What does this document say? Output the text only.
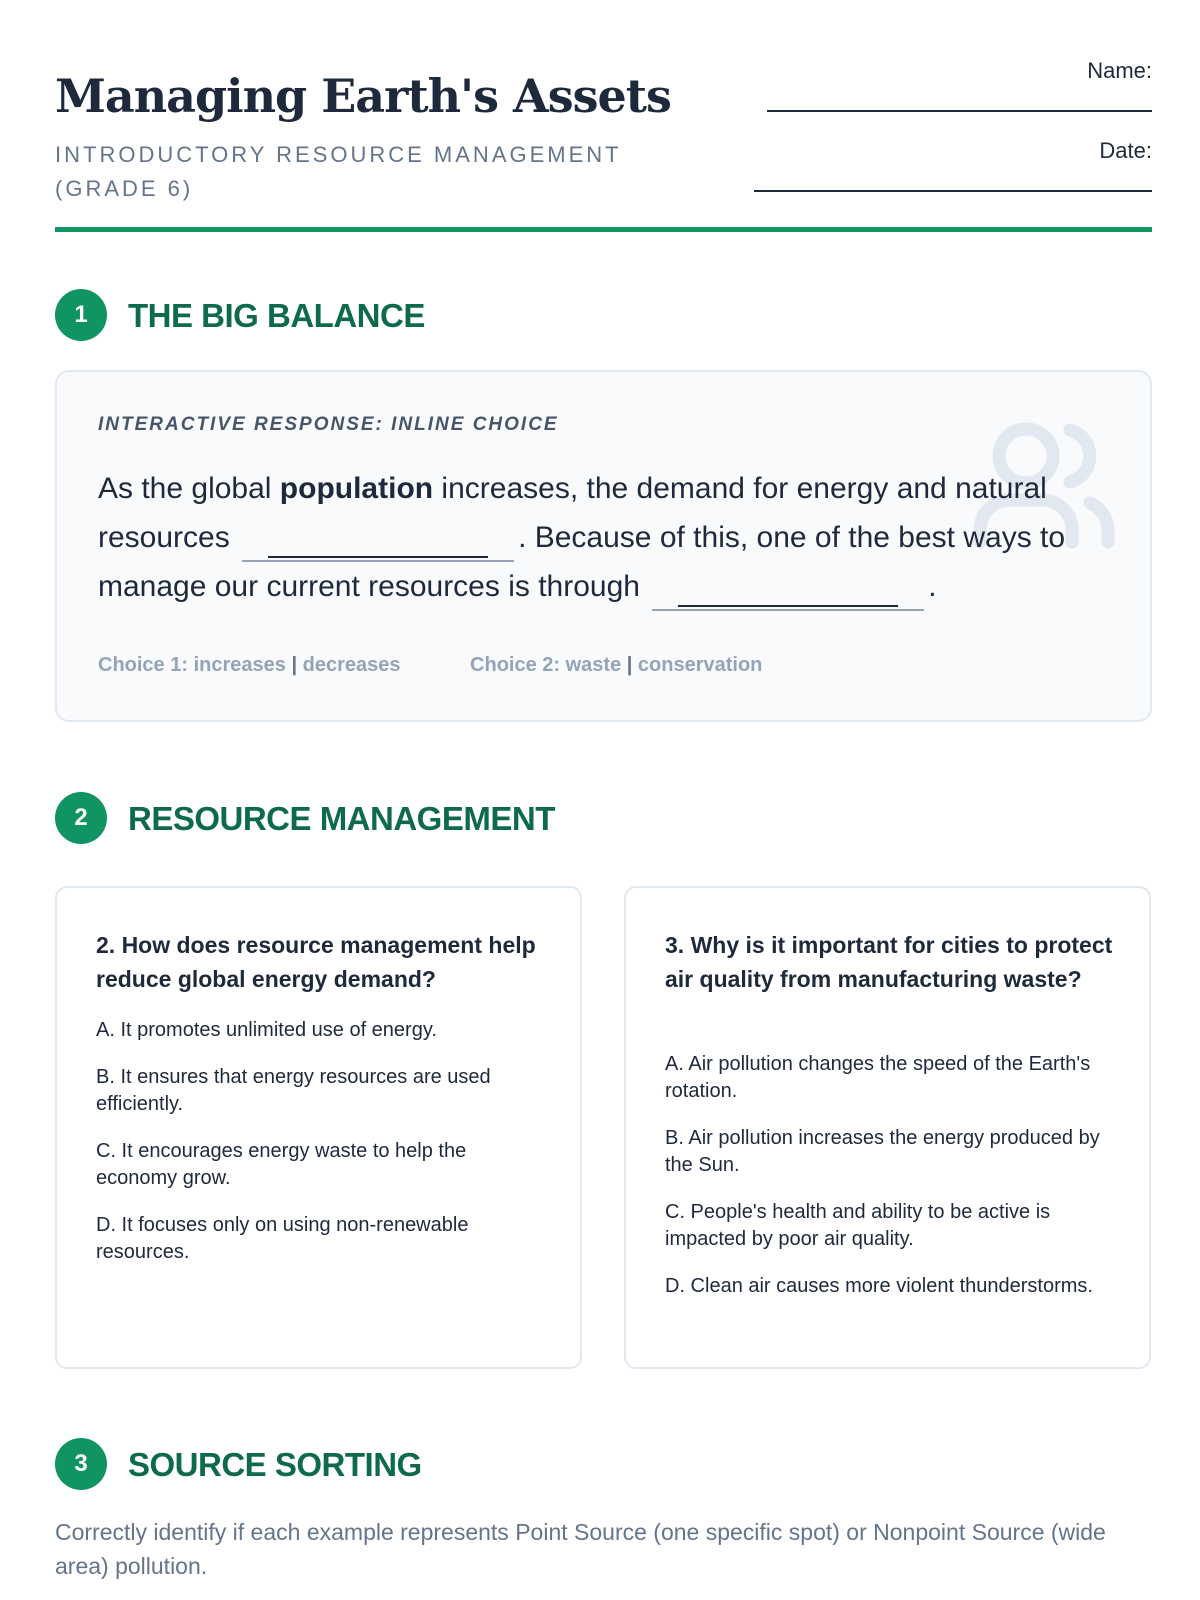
Managing Earth's Assets
INTRODUCTORY RESOURCE MANAGEMENT (GRADE 6)
Name:
Date:
1	THE BIG BALANCE
INTERACTIVE RESPONSE: INLINE CHOICE
As the global population increases, the demand for energy and natural resources	. Because of this, one of the best ways to manage our current resources is through	.
Choice 1: increases | decreases	Choice 2: waste | conservation
2	RESOURCE MANAGEMENT
2. How does resource management help reduce global energy demand?
A. It promotes unlimited use of energy.
B. It ensures that energy resources are used efficiently.
C. It encourages energy waste to help the economy grow.
D. It focuses only on using non-renewable resources.
3. Why is it important for cities to protect air quality from manufacturing waste?
A. Air pollution changes the speed of the Earth's rotation.
B. Air pollution increases the energy produced by the Sun.
C. People's health and ability to be active is impacted by poor air quality.
D. Clean air causes more violent thunderstorms.
3	SOURCE SORTING
Correctly identify if each example represents Point Source (one specific spot) or Nonpoint Source (wide area) pollution.
